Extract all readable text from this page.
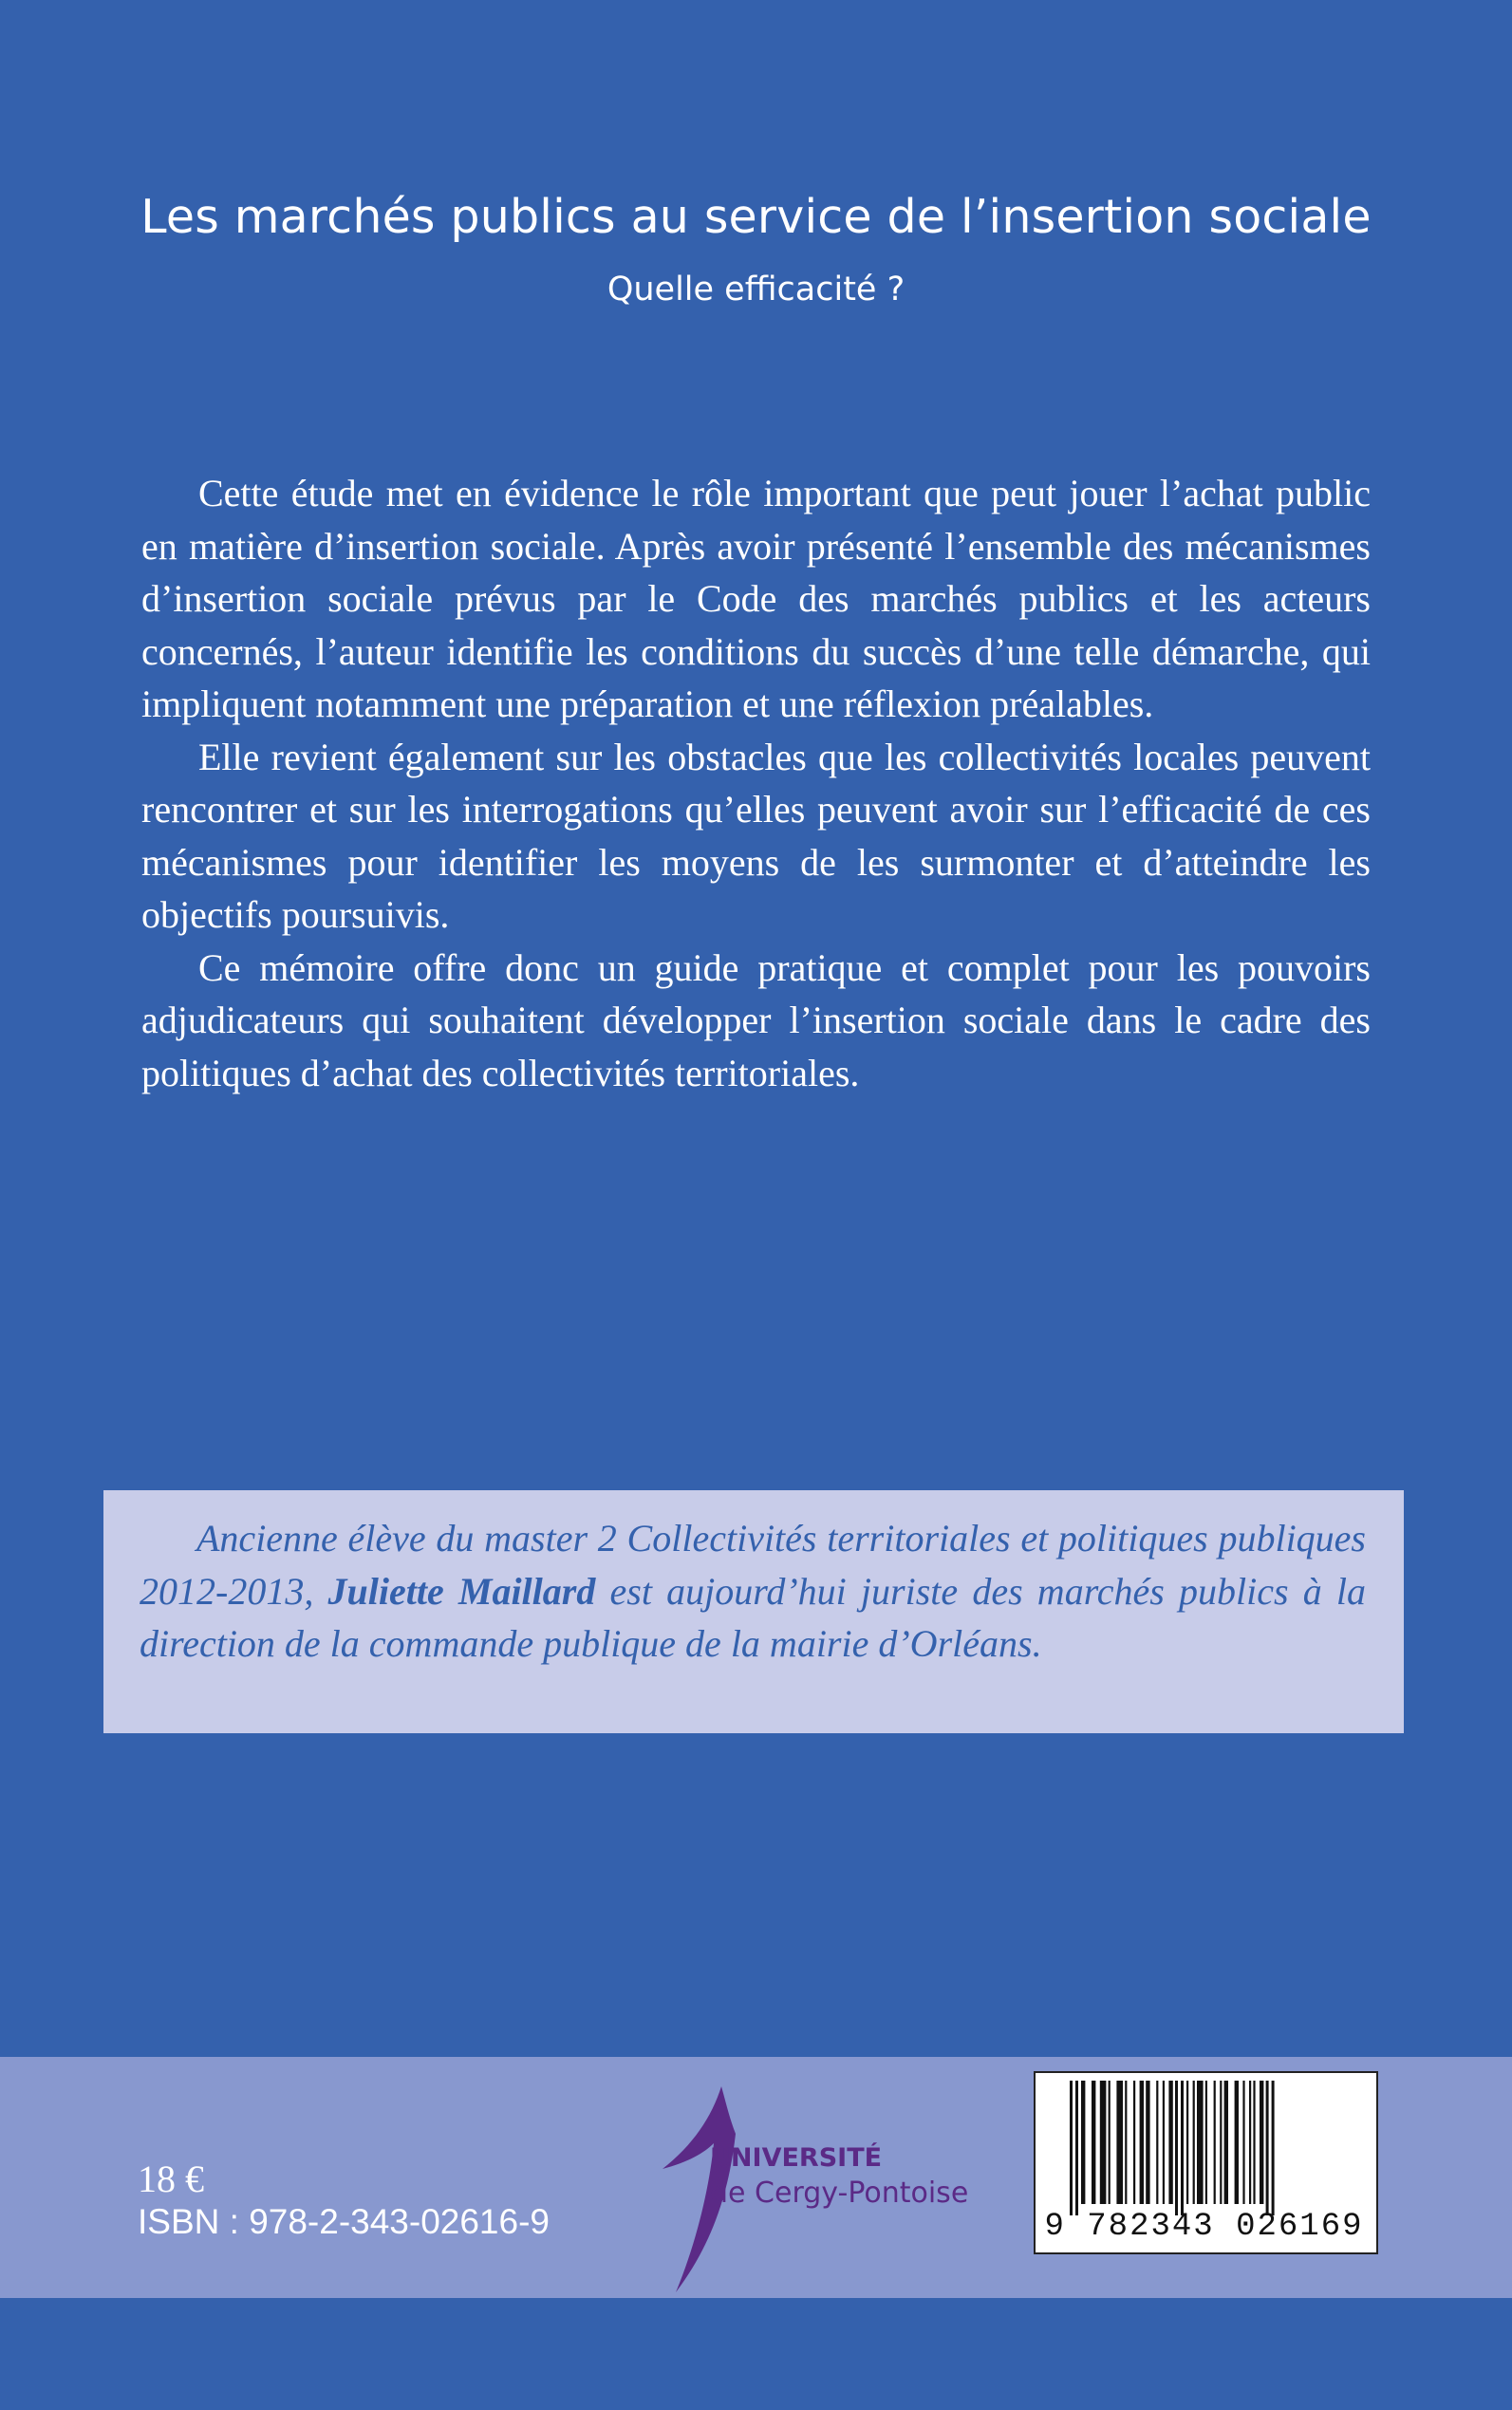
Les marchés publics au service de l’insertion sociale
Quelle efficacité ?

Cette étude met en évidence le rôle important que peut jouer l’achat public en matière d’insertion sociale. Après avoir présenté l’ensemble des mécanismes d’insertion sociale prévus par le Code des marchés publics et les acteurs concernés, l’auteur identifie les conditions du succès d’une telle démarche, qui impliquent notamment une préparation et une réflexion préalables.

Elle revient également sur les obstacles que les collectivités locales peuvent rencontrer et sur les interrogations qu’elles peuvent avoir sur l’efficacité de ces mécanismes pour identifier les moyens de les surmonter et d’atteindre les objectifs poursuivis.

Ce mémoire offre donc un guide pratique et complet pour les pouvoirs adjudicateurs qui souhaitent développer l’insertion sociale dans le cadre des politiques d’achat des collectivités territoriales.

Ancienne élève du master 2 Collectivités territoriales et politiques publiques 2012-2013, Juliette Maillard est aujourd’hui juriste des marchés publics à la direction de la commande publique de la mairie d’Orléans.

18 €
ISBN : 978-2-343-02616-9
UNIVERSITÉ
de Cergy-Pontoise
9 782343 026169
